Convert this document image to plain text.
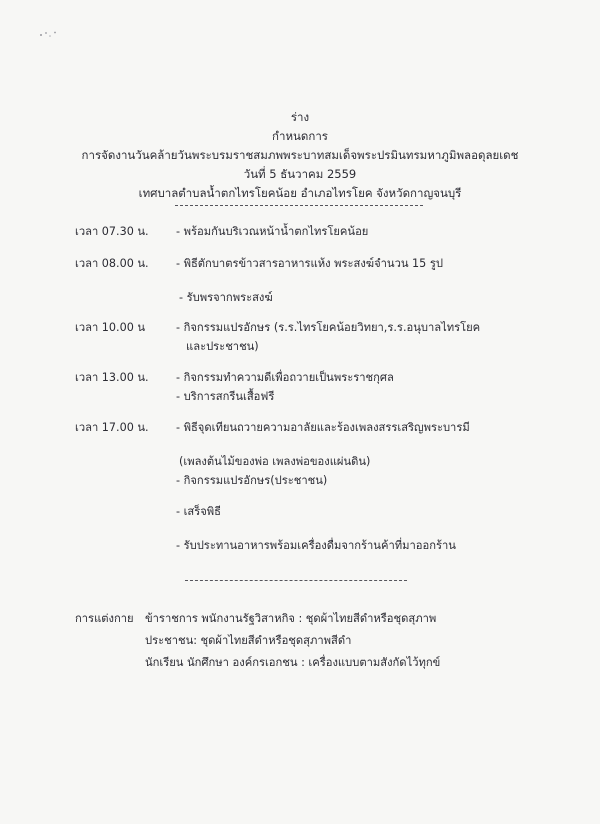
ร่าง
กำหนดการ
การจัดงานวันคล้ายวันพระบรมราชสมภพพระบาทสมเด็จพระปรมินทรมหาภูมิพลอดุลยเดช
วันที่ 5 ธันวาคม 2559
เทศบาลตำบลน้ำตกไทรโยคน้อย อำเภอไทรโยค จังหวัดกาญจนบุรี
เวลา 07.30 น. - พร้อมกันบริเวณหน้าน้ำตกไทรโยคน้อย
เวลา 08.00 น. - พิธีตักบาตรข้าวสารอาหารแห้ง พระสงฆ์จำนวน 15 รูป
- รับพรจากพระสงฆ์
เวลา 10.00 น	- กิจกรรมแปรอักษร (ร.ร.ไทรโยคน้อยวิทยา,ร.ร.อนุบาลไทรโยค
และประชาชน)
เวลา 13.00 น. - กิจกรรมทำความดีเพื่อถวายเป็นพระราชกุศล
- บริการสกรีนเสื้อฟรี
เวลา 17.00 น. - พิธีจุดเทียนถวายความอาลัยและร้องเพลงสรรเสริญพระบารมี
(เพลงต้นไม้ของพ่อ เพลงพ่อของแผ่นดิน)
- กิจกรรมแปรอักษร(ประชาชน)
- เสร็จพิธี
- รับประทานอาหารพร้อมเครื่องดื่มจากร้านค้าที่มาออกร้าน
การแต่งกาย ข้าราชการ พนักงานรัฐวิสาหกิจ : ชุดผ้าไทยสีดำหรือชุดสุภาพ
ประชาชน: ชุดผ้าไทยสีดำหรือชุดสุภาพสีดำ
นักเรียน นักศึกษา องค์กรเอกชน : เครื่องแบบตามสังกัดไว้ทุกข์
